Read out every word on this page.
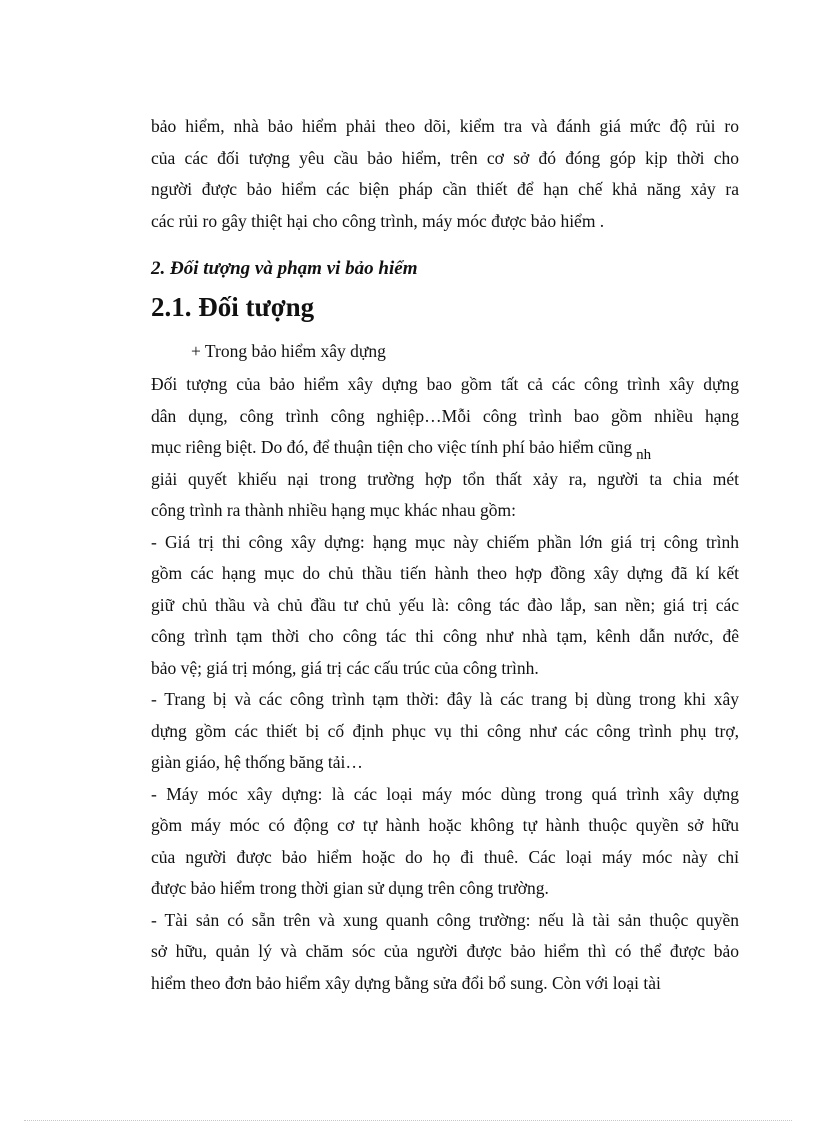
bảo hiểm, nhà bảo hiểm phải theo dõi, kiểm tra và đánh giá mức độ rủi ro
của các đối tượng yêu cầu bảo hiểm, trên cơ sở đó đóng góp kịp thời cho
người được bảo hiểm các biện pháp cần thiết để hạn chế khả năng xảy ra
các rủi ro gây thiệt hại cho công trình, máy móc được bảo hiểm .
2. Đối tượng và phạm vi bảo hiểm
2.1. Đối tượng
+ Trong bảo hiểm xây dựng
Đối tượng của bảo hiểm xây dựng bao gồm tất cả các công trình xây dựng
dân dụng, công trình công nghiệp…Mỗi công trình bao gồm nhiều hạng
mục riêng biệt. Do đó, để thuận tiện cho việc tính phí bảo hiểm cũng nh
giải quyết khiếu nại trong trường hợp tổn thất xảy ra, người ta chia mét
công trình ra thành nhiều hạng mục khác nhau gồm:
- Giá trị thi công xây dựng: hạng mục này chiếm phần lớn giá trị công trình
gồm các hạng mục do chủ thầu tiến hành theo hợp đồng xây dựng đã kí kết
giữ chủ thầu và chủ đầu tư chủ yếu là: công tác đào lắp, san nền; giá trị các
công trình tạm thời cho công tác thi công như nhà tạm, kênh dẫn nước, đê
bảo vệ; giá trị móng, giá trị các cấu trúc của công trình.
- Trang bị và các công trình tạm thời: đây là các trang bị dùng trong khi xây
dựng gồm các thiết bị cố định phục vụ thi công như các công trình phụ trợ,
giàn giáo, hệ thống băng tải…
- Máy móc xây dựng: là các loại máy móc dùng trong quá trình xây dựng
gồm máy móc có động cơ tự hành hoặc không tự hành thuộc quyền sở hữu
của người được bảo hiểm hoặc do họ đi thuê. Các loại máy móc này chỉ
được bảo hiểm trong thời gian sử dụng trên công trường.
- Tài sản có sẵn trên và xung quanh công trường: nếu là tài sản thuộc quyền
sở hữu, quản lý và chăm sóc của người được bảo hiểm thì có thể được bảo
hiểm theo đơn bảo hiểm xây dựng bằng sửa đổi bổ sung. Còn với loại tài
